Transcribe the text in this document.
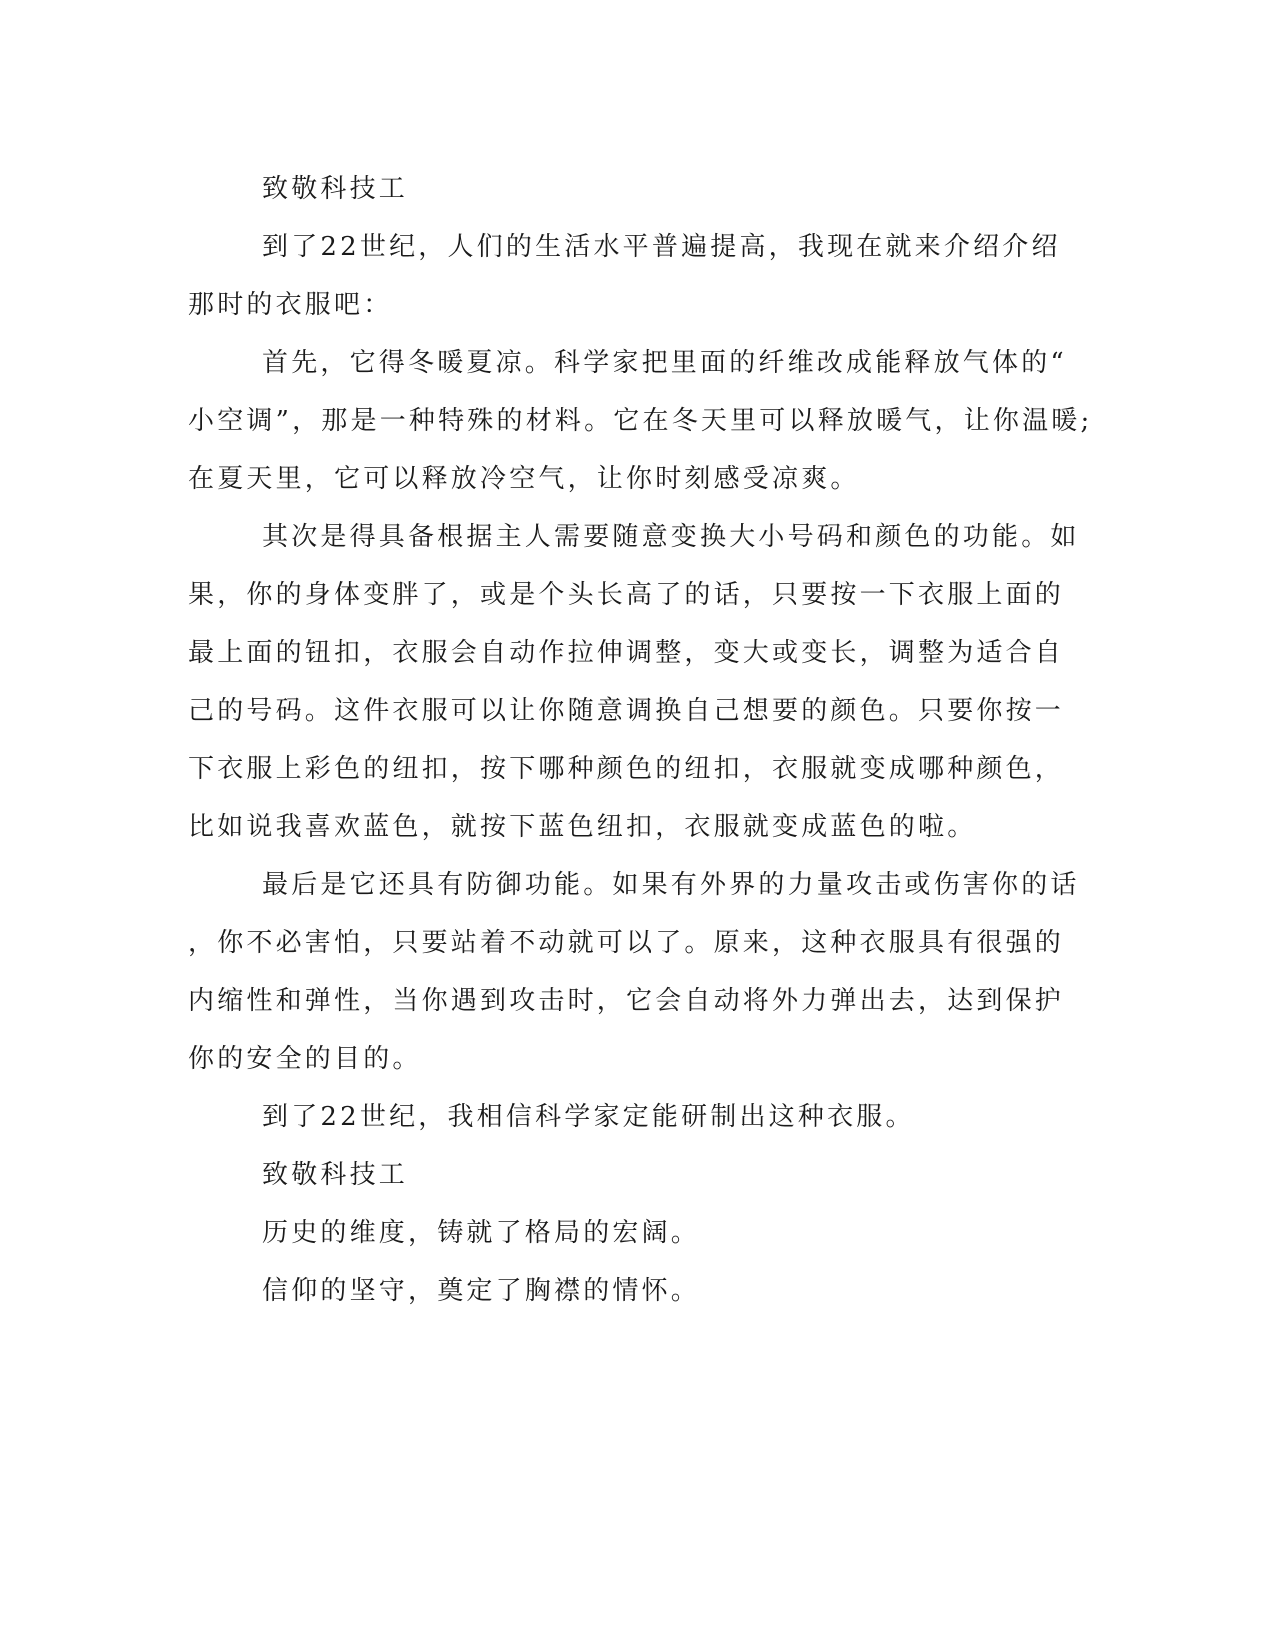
致敬科技工
到了22世纪，人们的生活水平普遍提高，我现在就来介绍介绍
那时的衣服吧：
首先，它得冬暖夏凉。科学家把里面的纤维改成能释放气体的“
小空调”，那是一种特殊的材料。它在冬天里可以释放暖气，让你温暖;
在夏天里，它可以释放冷空气，让你时刻感受凉爽。
其次是得具备根据主人需要随意变换大小号码和颜色的功能。如
果，你的身体变胖了，或是个头长高了的话，只要按一下衣服上面的
最上面的钮扣，衣服会自动作拉伸调整，变大或变长，调整为适合自
己的号码。这件衣服可以让你随意调换自己想要的颜色。只要你按一
下衣服上彩色的纽扣，按下哪种颜色的纽扣，衣服就变成哪种颜色，
比如说我喜欢蓝色，就按下蓝色纽扣，衣服就变成蓝色的啦。
最后是它还具有防御功能。如果有外界的力量攻击或伤害你的话
，你不必害怕，只要站着不动就可以了。原来，这种衣服具有很强的
内缩性和弹性，当你遇到攻击时，它会自动将外力弹出去，达到保护
你的安全的目的。
到了22世纪，我相信科学家定能研制出这种衣服。
致敬科技工
历史的维度，铸就了格局的宏阔。
信仰的坚守，奠定了胸襟的情怀。
